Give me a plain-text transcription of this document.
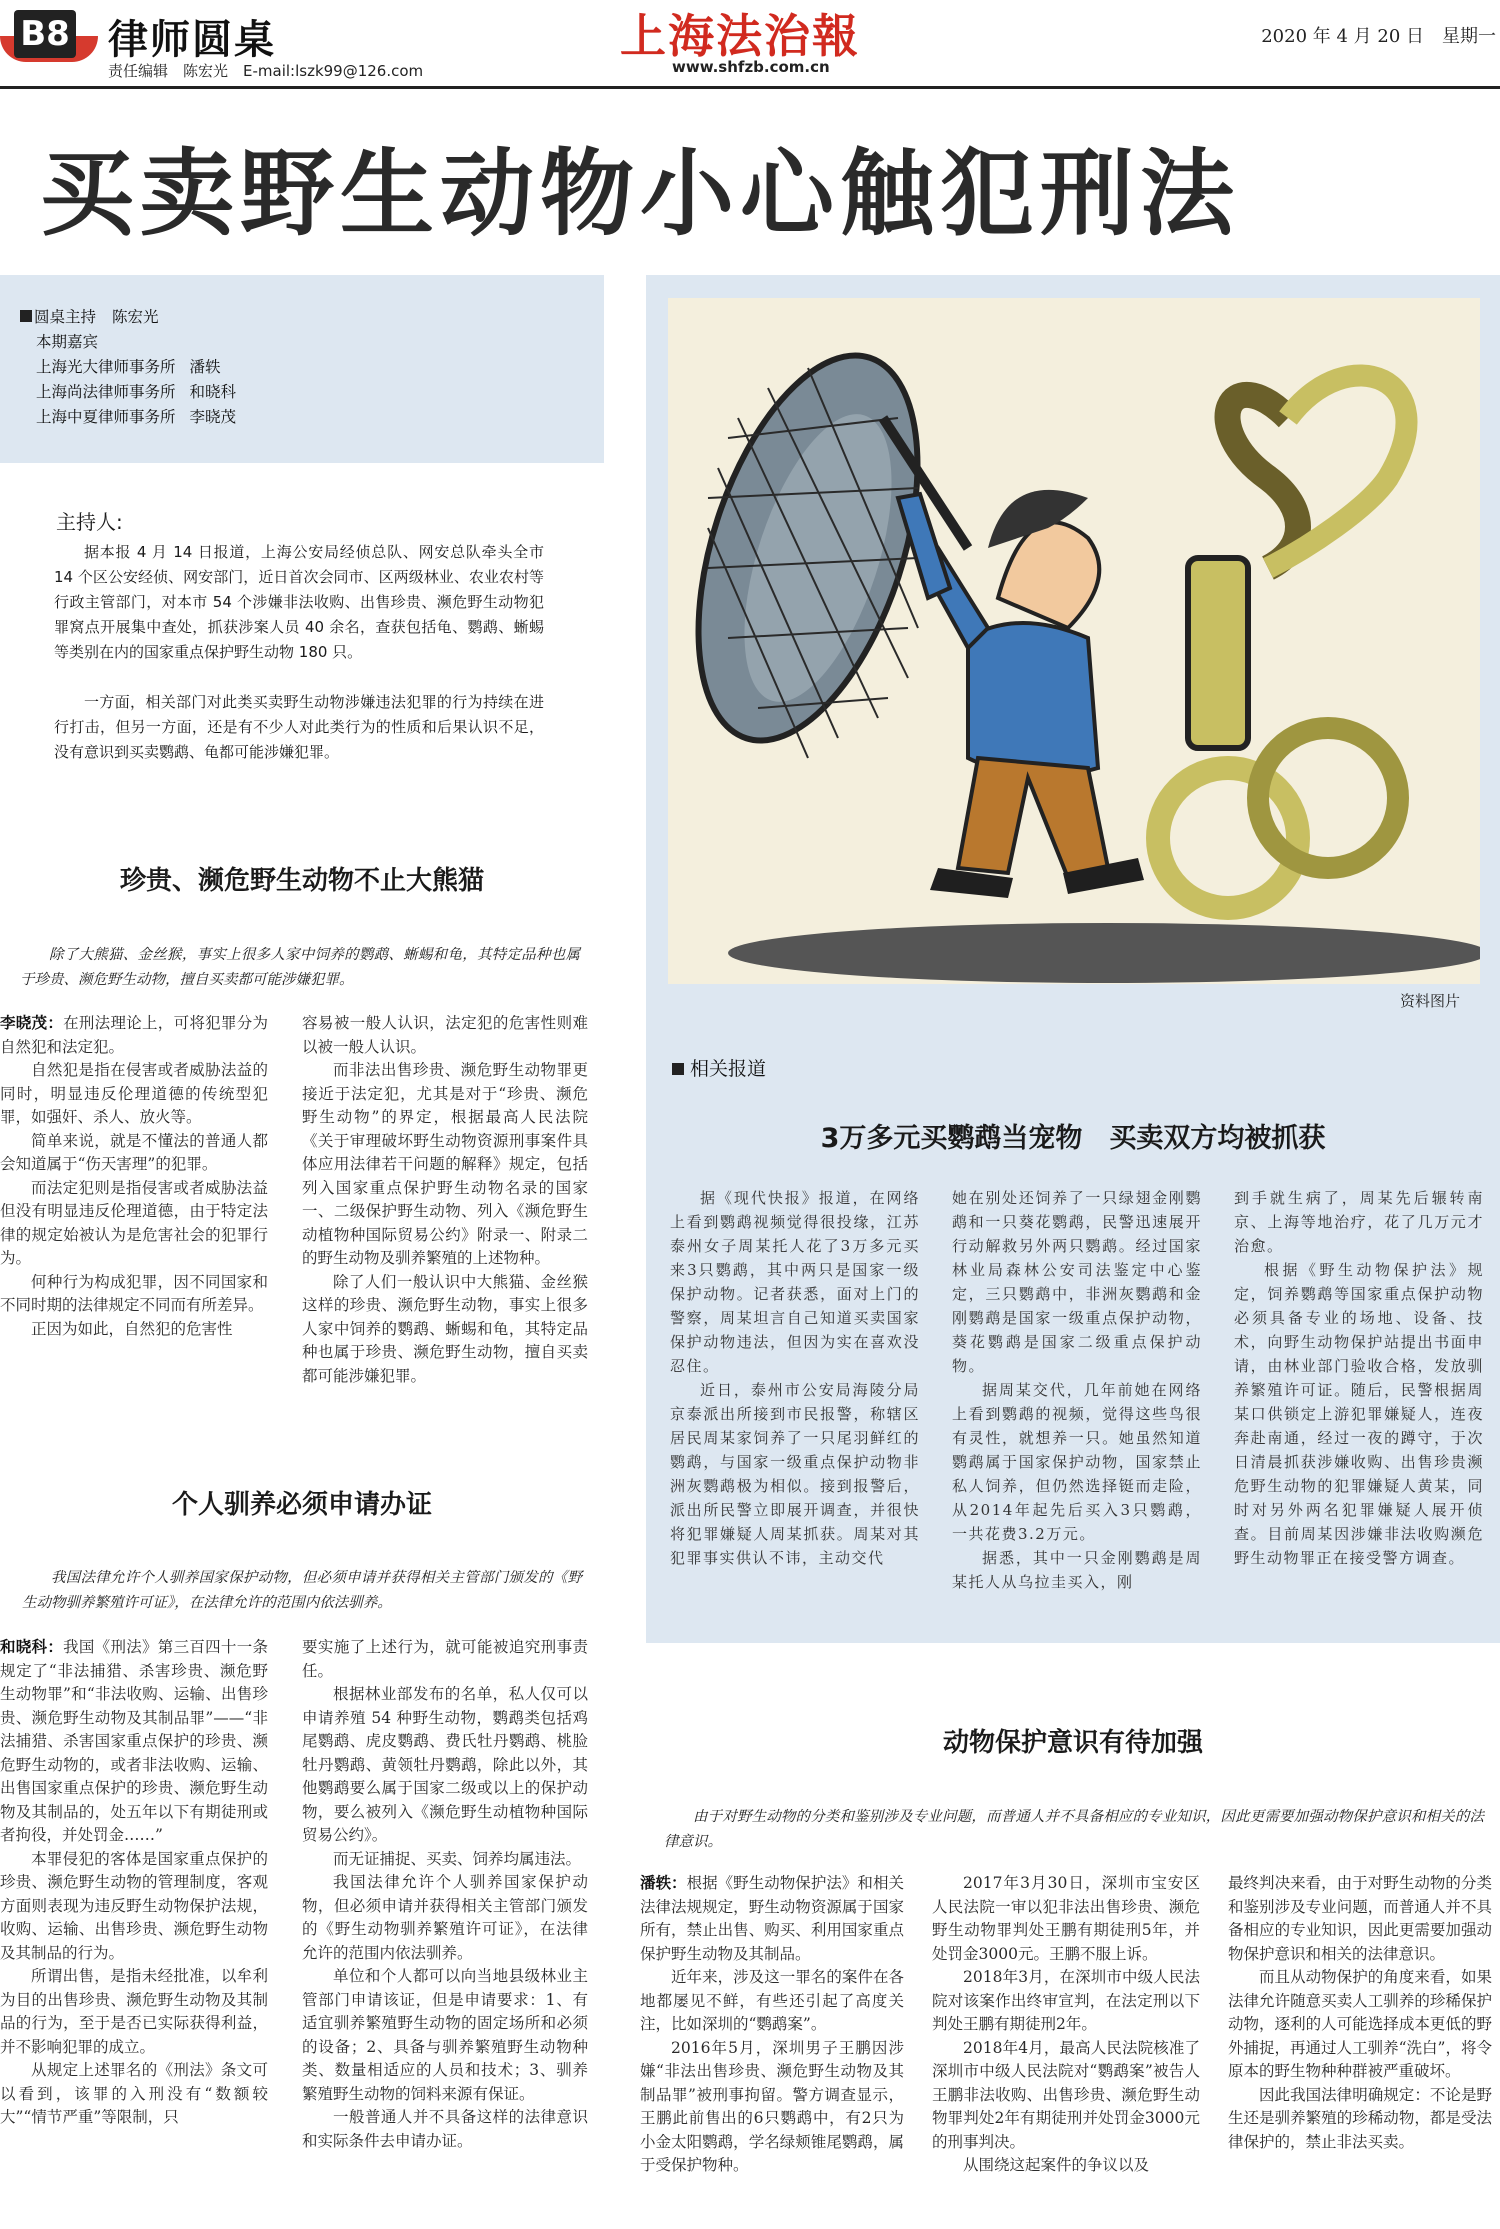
B8 律师圆桌
责任编辑　陈宏光　E-mail:lszk99@126.com
上海法治報
www.shfzb.com.cn
2020 年 4 月 20 日　星期一
买卖野生动物小心触犯刑法
圆桌主持 陈宏光
本期嘉宾
上海光大律师事务所 潘轶
上海尚法律师事务所 和晓科
上海中夏律师事务所 李晓茂
主持人:

据本报 4 月 14 日报道，上海公安局经侦总队、网安总队牵头全市 14 个区公安经侦、网安部门，近日首次会同市、区两级林业、农业农村等行政主管部门，对本市 54 个涉嫌非法收购、出售珍贵、濒危野生动物犯罪窝点开展集中查处，抓获涉案人员 40 余名，查获包括龟、鹦鹉、蜥蜴等类别在内的国家重点保护野生动物 180 只。

一方面，相关部门对此类买卖野生动物涉嫌违法犯罪的行为持续在进行打击，但另一方面，还是有不少人对此类行为的性质和后果认识不足，没有意识到买卖鹦鹉、龟都可能涉嫌犯罪。

珍贵、濒危野生动物不止大熊猫

除了大熊猫、金丝猴，事实上很多人家中饲养的鹦鹉、蜥蜴和龟，其特定品种也属于珍贵、濒危野生动物，擅自买卖都可能涉嫌犯罪。

李晓茂：在刑法理论上，可将犯罪分为自然犯和法定犯。

自然犯是指在侵害或者威胁法益的同时，明显违反伦理道德的传统型犯罪，如强奸、杀人、放火等。

简单来说，就是不懂法的普通人都会知道属于“伤天害理”的犯罪。

而法定犯则是指侵害或者威胁法益但没有明显违反伦理道德，由于特定法律的规定始被认为是危害社会的犯罪行为。

何种行为构成犯罪，因不同国家和不同时期的法律规定不同而有所差异。

正因为如此，自然犯的危害性

容易被一般人认识，法定犯的危害性则难以被一般人认识。

而非法出售珍贵、濒危野生动物罪更接近于法定犯，尤其是对于“珍贵、濒危野生动物”的界定，根据最高人民法院《关于审理破坏野生动物资源刑事案件具体应用法律若干问题的解释》规定，包括列入国家重点保护野生动物名录的国家一、二级保护野生动物、列入《濒危野生动植物种国际贸易公约》附录一、附录二的野生动物及驯养繁殖的上述物种。

除了人们一般认识中大熊猫、金丝猴这样的珍贵、濒危野生动物，事实上很多人家中饲养的鹦鹉、蜥蜴和龟，其特定品种也属于珍贵、濒危野生动物，擅自买卖都可能涉嫌犯罪。

个人驯养必须申请办证

我国法律允许个人驯养国家保护动物，但必须申请并获得相关主管部门颁发的《野生动物驯养繁殖许可证》，在法律允许的范围内依法驯养。

和晓科：我国《刑法》第三百四十一条规定了“非法捕猎、杀害珍贵、濒危野生动物罪”和“非法收购、运输、出售珍贵、濒危野生动物及其制品罪”——“非法捕猎、杀害国家重点保护的珍贵、濒危野生动物的，或者非法收购、运输、出售国家重点保护的珍贵、濒危野生动物及其制品的，处五年以下有期徒刑或者拘役，并处罚金……”

本罪侵犯的客体是国家重点保护的珍贵、濒危野生动物的管理制度，客观方面则表现为违反野生动物保护法规，收购、运输、出售珍贵、濒危野生动物及其制品的行为。

所谓出售，是指未经批准，以牟利为目的出售珍贵、濒危野生动物及其制品的行为，至于是否已实际获得利益，并不影响犯罪的成立。

从规定上述罪名的《刑法》条文可以看到，该罪的入刑没有“数额较大”“情节严重”等限制，只

要实施了上述行为，就可能被追究刑事责任。

根据林业部发布的名单，私人仅可以申请养殖 54 种野生动物，鹦鹉类包括鸡尾鹦鹉、虎皮鹦鹉、费氏牡丹鹦鹉、桃脸牡丹鹦鹉、黄领牡丹鹦鹉，除此以外，其他鹦鹉要么属于国家二级或以上的保护动物，要么被列入《濒危野生动植物种国际贸易公约》。

而无证捕捉、买卖、饲养均属违法。

我国法律允许个人驯养国家保护动物，但必须申请并获得相关主管部门颁发的《野生动物驯养繁殖许可证》，在法律允许的范围内依法驯养。

单位和个人都可以向当地县级林业主管部门申请该证，但是申请要求：1、有适宜驯养繁殖野生动物的固定场所和必须的设备；2、具备与驯养繁殖野生动物种类、数量相适应的人员和技术；3、驯养繁殖野生动物的饲料来源有保证。

一般普通人并不具备这样的法律意识和实际条件去申请办证。

资料图片
相关报道
3万多元买鹦鹉当宠物　买卖双方均被抓获

据《现代快报》报道，在网络上看到鹦鹉视频觉得很投缘，江苏泰州女子周某托人花了3万多元买来3只鹦鹉，其中两只是国家一级保护动物。记者获悉，面对上门的警察，周某坦言自己知道买卖国家保护动物违法，但因为实在喜欢没忍住。

近日，泰州市公安局海陵分局京泰派出所接到市民报警，称辖区居民周某家饲养了一只尾羽鲜红的鹦鹉，与国家一级重点保护动物非洲灰鹦鹉极为相似。接到报警后，派出所民警立即展开调查，并很快将犯罪嫌疑人周某抓获。周某对其犯罪事实供认不讳，主动交代

她在别处还饲养了一只绿翅金刚鹦鹉和一只葵花鹦鹉，民警迅速展开行动解救另外两只鹦鹉。经过国家林业局森林公安司法鉴定中心鉴定，三只鹦鹉中，非洲灰鹦鹉和金刚鹦鹉是国家一级重点保护动物，葵花鹦鹉是国家二级重点保护动物。

据周某交代，几年前她在网络上看到鹦鹉的视频，觉得这些鸟很有灵性，就想养一只。她虽然知道鹦鹉属于国家保护动物，国家禁止私人饲养，但仍然选择铤而走险，从2014年起先后买入3只鹦鹉，一共花费3.2万元。

据悉，其中一只金刚鹦鹉是周某托人从乌拉圭买入，刚

到手就生病了，周某先后辗转南京、上海等地治疗，花了几万元才治愈。

根据《野生动物保护法》规定，饲养鹦鹉等国家重点保护动物必须具备专业的场地、设备、技术，向野生动物保护站提出书面申请，由林业部门验收合格，发放驯养繁殖许可证。随后，民警根据周某口供锁定上游犯罪嫌疑人，连夜奔赴南通，经过一夜的蹲守，于次日清晨抓获涉嫌收购、出售珍贵濒危野生动物的犯罪嫌疑人黄某，同时对另外两名犯罪嫌疑人展开侦查。目前周某因涉嫌非法收购濒危野生动物罪正在接受警方调查。

动物保护意识有待加强

由于对野生动物的分类和鉴别涉及专业问题，而普通人并不具备相应的专业知识，因此更需要加强动物保护意识和相关的法律意识。

潘轶：根据《野生动物保护法》和相关法律法规规定，野生动物资源属于国家所有，禁止出售、购买、利用国家重点保护野生动物及其制品。

近年来，涉及这一罪名的案件在各地都屡见不鲜，有些还引起了高度关注，比如深圳的“鹦鹉案”。

2016年5月，深圳男子王鹏因涉嫌“非法出售珍贵、濒危野生动物及其制品罪”被刑事拘留。警方调查显示，王鹏此前售出的6只鹦鹉中，有2只为小金太阳鹦鹉，学名绿颊锥尾鹦鹉，属于受保护物种。

2017年3月30日，深圳市宝安区人民法院一审以犯非法出售珍贵、濒危野生动物罪判处王鹏有期徒刑5年，并处罚金3000元。王鹏不服上诉。

2018年3月，在深圳市中级人民法院对该案作出终审宣判，在法定刑以下判处王鹏有期徒刑2年。

2018年4月，最高人民法院核准了深圳市中级人民法院对“鹦鹉案”被告人王鹏非法收购、出售珍贵、濒危野生动物罪判处2年有期徒刑并处罚金3000元的刑事判决。

从围绕这起案件的争议以及

最终判决来看，由于对野生动物的分类和鉴别涉及专业问题，而普通人并不具备相应的专业知识，因此更需要加强动物保护意识和相关的法律意识。

而且从动物保护的角度来看，如果法律允许随意买卖人工驯养的珍稀保护动物，逐利的人可能选择成本更低的野外捕捉，再通过人工驯养“洗白”，将令原本的野生物种种群被严重破坏。

因此我国法律明确规定：不论是野生还是驯养繁殖的珍稀动物，都是受法律保护的，禁止非法买卖。
